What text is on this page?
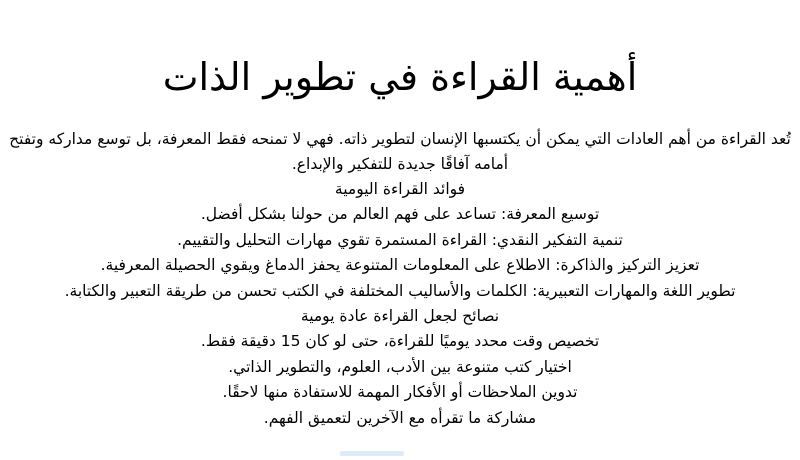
أهمية القراءة في تطوير الذات

تُعد القراءة من أهم العادات التي يمكن أن يكتسبها الإنسان لتطوير ذاته. فهي لا تمنحه فقط المعرفة، بل توسع مداركه وتفتح أمامه آفاقًا جديدة للتفكير والإبداع.

فوائد القراءة اليومية
توسيع المعرفة: تساعد على فهم العالم من حولنا بشكل أفضل.
تنمية التفكير النقدي: القراءة المستمرة تقوي مهارات التحليل والتقييم.
تعزيز التركيز والذاكرة: الاطلاع على المعلومات المتنوعة يحفز الدماغ ويقوي الحصيلة المعرفية.
تطوير اللغة والمهارات التعبيرية: الكلمات والأساليب المختلفة في الكتب تحسن من طريقة التعبير والكتابة.
نصائح لجعل القراءة عادة يومية
تخصيص وقت محدد يوميًا للقراءة، حتى لو كان 15 دقيقة فقط.
اختيار كتب متنوعة بين الأدب، العلوم، والتطوير الذاتي.
تدوين الملاحظات أو الأفكار المهمة للاستفادة منها لاحقًا.
مشاركة ما تقرأه مع الآخرين لتعميق الفهم.
